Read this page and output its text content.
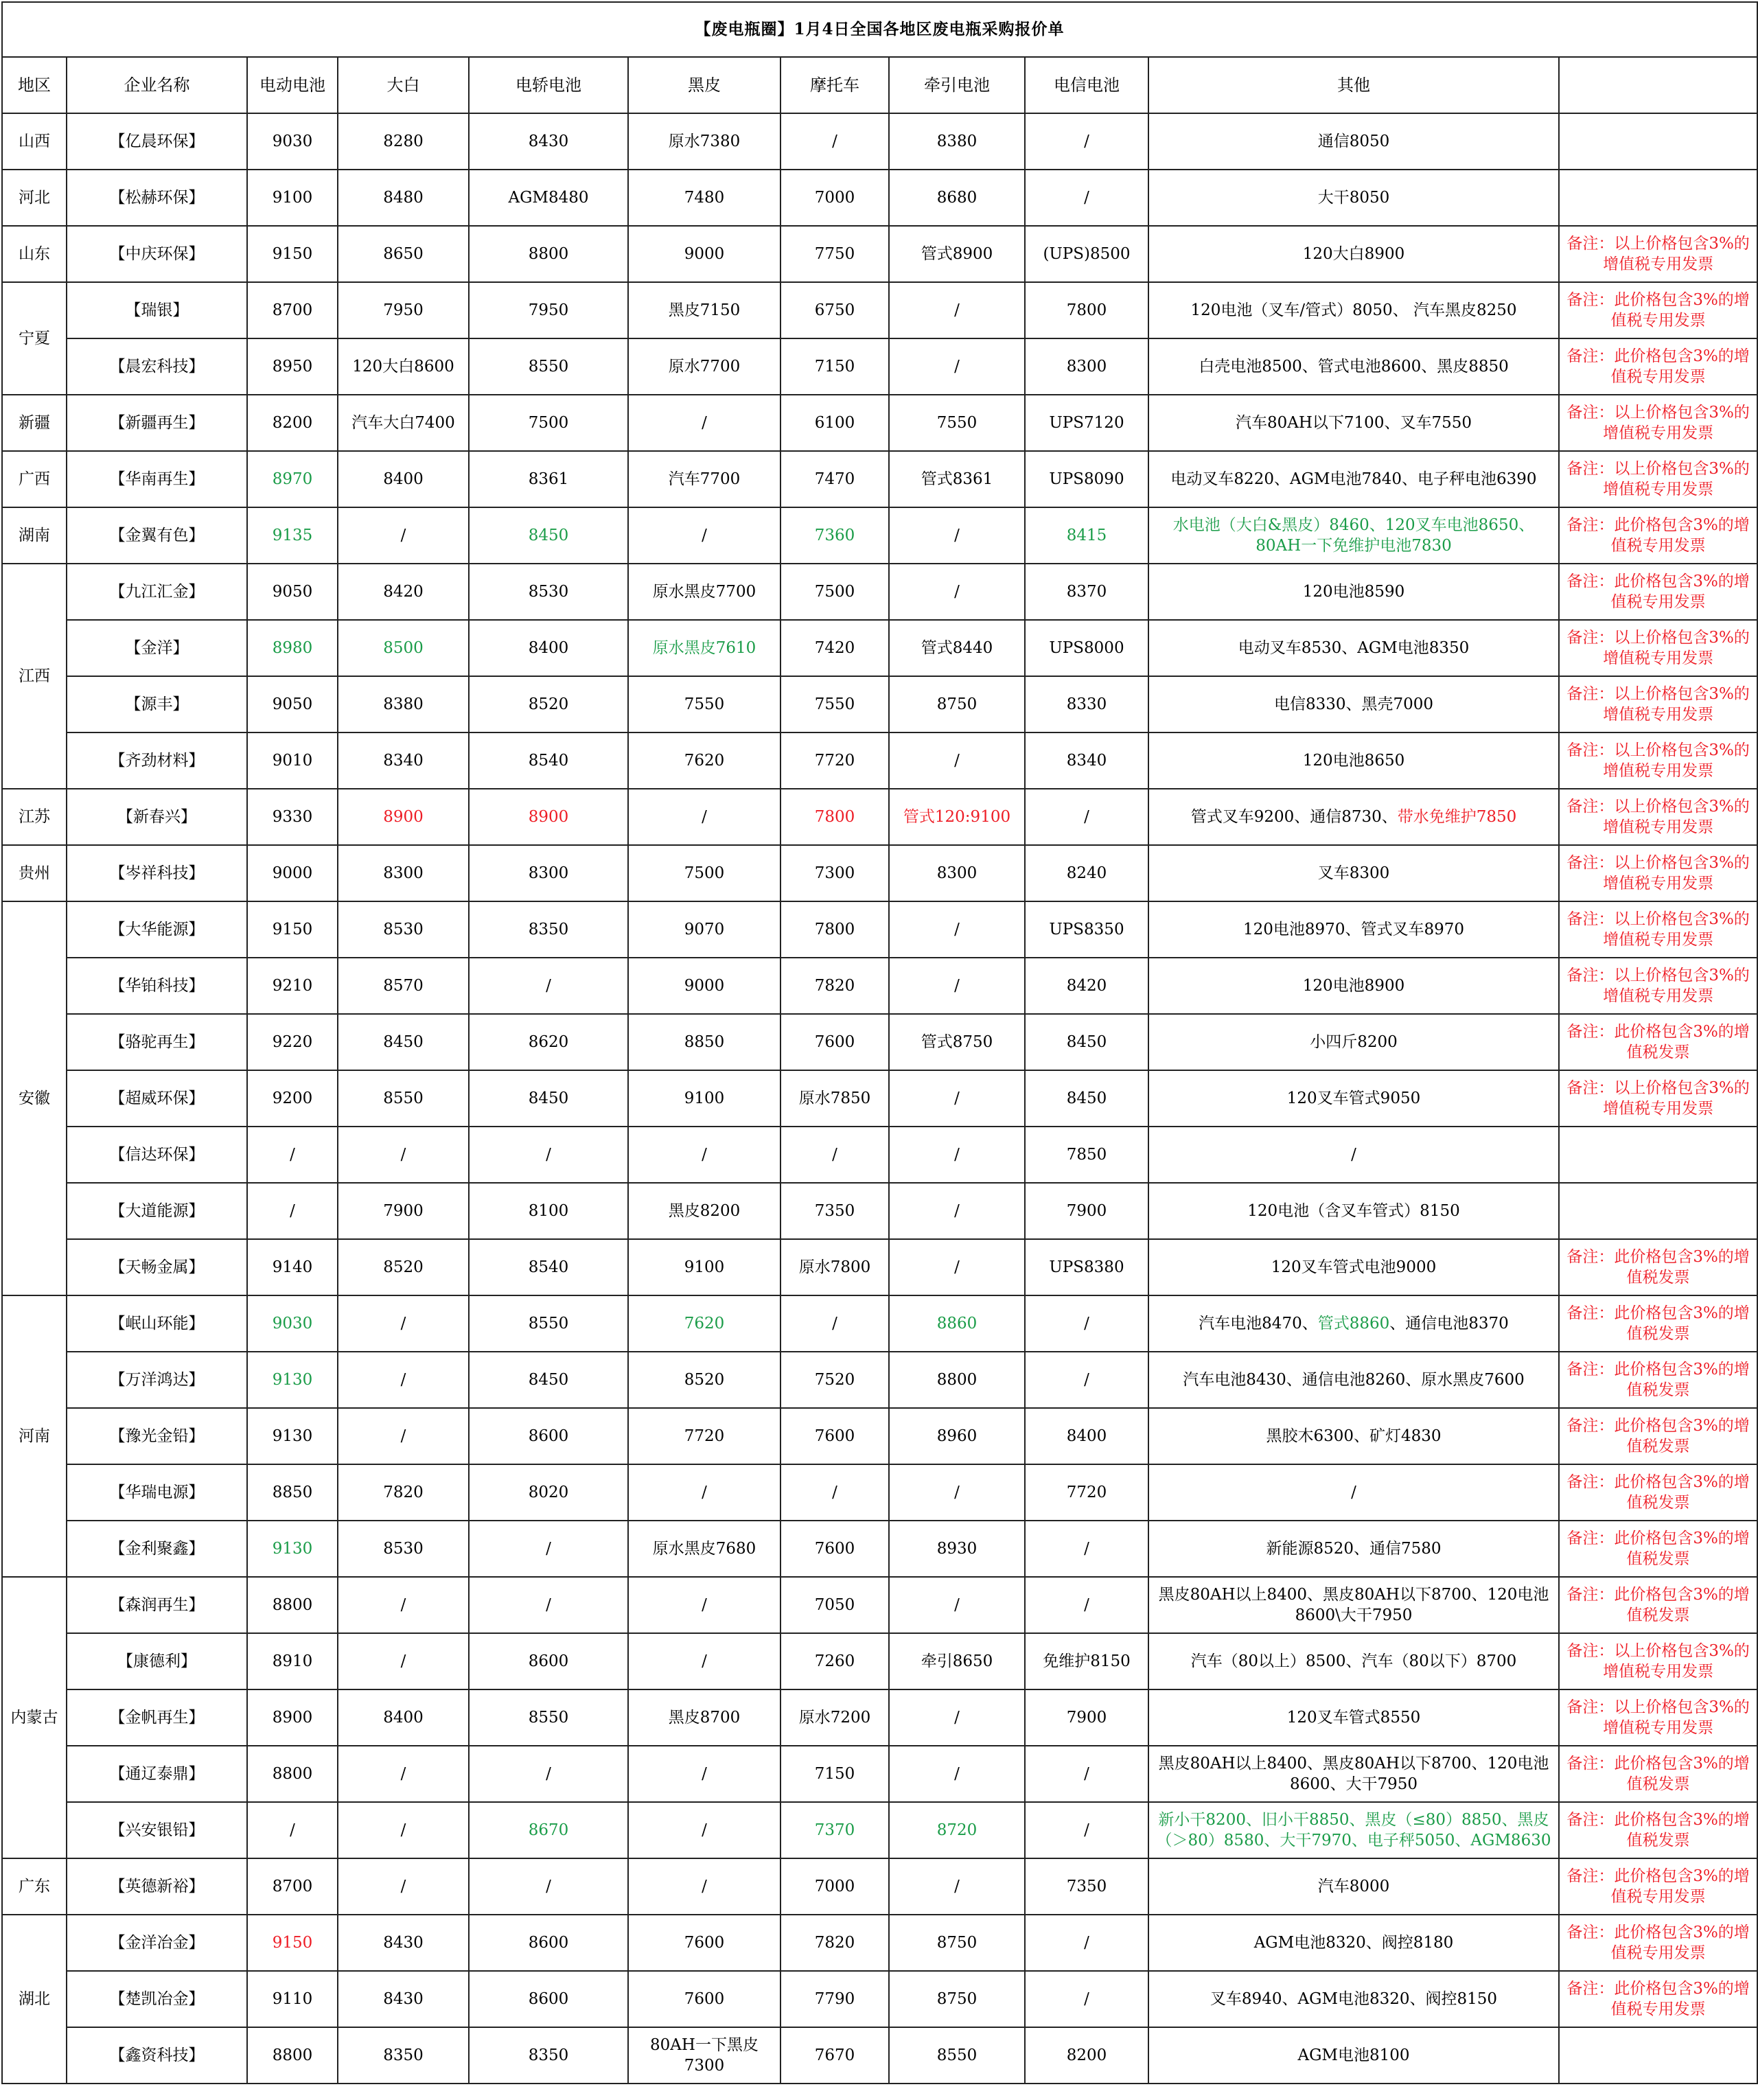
【废电瓶圈】1月4日全国各地区废电瓶采购报价单										
地区	企业名称	电动电池	大白	电轿电池	黑皮	摩托车	牵引电池	电信电池	其他	
山西	【亿晨环保】	9030	8280	8430	原水7380	/	8380	/	通信8050	
河北	【松赫环保】	9100	8480	AGM8480	7480	7000	8680	/	大干8050	
山东	【中庆环保】	9150	8650	8800	9000	7750	管式8900	(UPS)8500	120大白8900	备注：以上价格包含3%的增值税专用发票
宁夏	【瑞银】	8700	7950	7950	黑皮7150	6750	/	7800	120电池（叉车/管式）8050、 汽车黑皮8250	备注：此价格包含3%的增值税专用发票
	【晨宏科技】	8950	120大白8600	8550	原水7700	7150	/	8300	白壳电池8500、管式电池8600、黑皮8850	备注：此价格包含3%的增值税专用发票
新疆	【新疆再生】	8200	汽车大白7400	7500	/	6100	7550	UPS7120	汽车80AH以下7100、叉车7550	备注：以上价格包含3%的增值税专用发票
广西	【华南再生】	8970	8400	8361	汽车7700	7470	管式8361	UPS8090	电动叉车8220、AGM电池7840、电子秤电池6390	备注：以上价格包含3%的增值税专用发票
湖南	【金翼有色】	9135	/	8450	/	7360	/	8415	水电池（大白&黑皮）8460、120叉车电池8650、80AH一下免维护电池7830	备注：此价格包含3%的增值税专用发票
江西	【九江汇金】	9050	8420	8530	原水黑皮7700	7500	/	8370	120电池8590	备注：此价格包含3%的增值税专用发票
	【金洋】	8980	8500	8400	原水黑皮7610	7420	管式8440	UPS8000	电动叉车8530、AGM电池8350	备注：以上价格包含3%的增值税专用发票
	【源丰】	9050	8380	8520	7550	7550	8750	8330	电信8330、黑壳7000	备注：以上价格包含3%的增值税专用发票
	【齐劲材料】	9010	8340	8540	7620	7720	/	8340	120电池8650	备注：以上价格包含3%的增值税专用发票
江苏	【新春兴】	9330	8900	8900	/	7800	管式120:9100	/	管式叉车9200、通信8730、带水免维护7850	备注：以上价格包含3%的增值税专用发票
贵州	【岑祥科技】	9000	8300	8300	7500	7300	8300	8240	叉车8300	备注：以上价格包含3%的增值税专用发票
安徽	【大华能源】	9150	8530	8350	9070	7800	/	UPS8350	120电池8970、管式叉车8970	备注：以上价格包含3%的增值税专用发票
	【华铂科技】	9210	8570	/	9000	7820	/	8420	120电池8900	备注：以上价格包含3%的增值税专用发票
	【骆驼再生】	9220	8450	8620	8850	7600	管式8750	8450	小四斤8200	备注：此价格包含3%的增值税发票
	【超威环保】	9200	8550	8450	9100	原水7850	/	8450	120叉车管式9050	备注：以上价格包含3%的增值税专用发票
	【信达环保】	/	/	/	/	/	/	7850	/	
	【大道能源】	/	7900	8100	黑皮8200	7350	/	7900	120电池（含叉车管式）8150	
	【天畅金属】	9140	8520	8540	9100	原水7800	/	UPS8380	120叉车管式电池9000	备注：此价格包含3%的增值税发票
河南	【岷山环能】	9030	/	8550	7620	/	8860	/	汽车电池8470、管式8860、通信电池8370	备注：此价格包含3%的增值税发票
	【万洋鸿达】	9130	/	8450	8520	7520	8800	/	汽车电池8430、通信电池8260、原水黑皮7600	备注：此价格包含3%的增值税发票
	【豫光金铅】	9130	/	8600	7720	7600	8960	8400	黑胶木6300、矿灯4830	备注：此价格包含3%的增值税发票
	【华瑞电源】	8850	7820	8020	/	/	/	7720	/	备注：此价格包含3%的增值税发票
	【金利聚鑫】	9130	8530	/	原水黑皮7680	7600	8930	/	新能源8520、通信7580	备注：此价格包含3%的增值税发票
内蒙古	【森润再生】	8800	/	/	/	7050	/	/	黑皮80AH以上8400、黑皮80AH以下8700、120电池8600\大干7950	备注：此价格包含3%的增值税发票
	【康德利】	8910	/	8600	/	7260	牵引8650	免维护8150	汽车（80以上）8500、汽车（80以下）8700	备注：以上价格包含3%的增值税专用发票
	【金帆再生】	8900	8400	8550	黑皮8700	原水7200	/	7900	120叉车管式8550	备注：以上价格包含3%的增值税专用发票
	【通辽泰鼎】	8800	/	/	/	7150	/	/	黑皮80AH以上8400、黑皮80AH以下8700、120电池8600、大干7950	备注：此价格包含3%的增值税发票
	【兴安银铅】	/	/	8670	/	7370	8720	/	新小干8200、旧小干8850、黑皮（≤80）8850、黑皮（＞80）8580、大干7970、电子秤5050、AGM8630	备注：此价格包含3%的增值税发票
广东	【英德新裕】	8700	/	/	/	7000	/	7350	汽车8000	备注：此价格包含3%的增值税专用发票
湖北	【金洋冶金】	9150	8430	8600	7600	7820	8750	/	AGM电池8320、阀控8180	备注：此价格包含3%的增值税专用发票
	【楚凯冶金】	9110	8430	8600	7600	7790	8750	/	叉车8940、AGM电池8320、阀控8150	备注：此价格包含3%的增值税专用发票
	【鑫资科技】	8800	8350	8350	80AH一下黑皮7300	7670	8550	8200	AGM电池8100	
